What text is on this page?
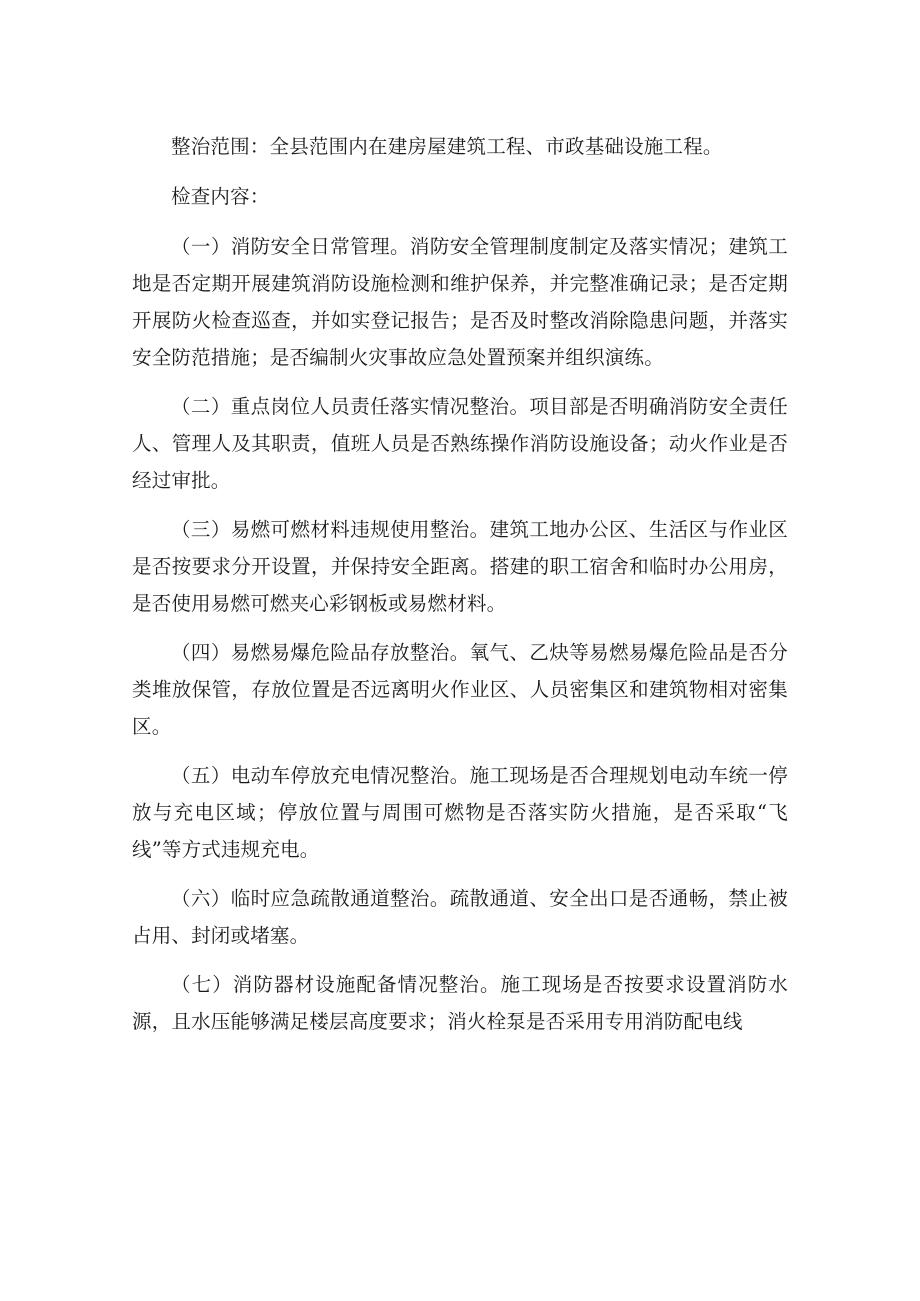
整治范围：全县范围内在建房屋建筑工程、市政基础设施工程。

检查内容：

（一）消防安全日常管理。消防安全管理制度制定及落实情况；建筑工地是否定期开展建筑消防设施检测和维护保养，并完整准确记录；是否定期开展防火检查巡查，并如实登记报告；是否及时整改消除隐患问题，并落实安全防范措施；是否编制火灾事故应急处置预案并组织演练。

（二）重点岗位人员责任落实情况整治。项目部是否明确消防安全责任人、管理人及其职责，值班人员是否熟练操作消防设施设备；动火作业是否经过审批。

（三）易燃可燃材料违规使用整治。建筑工地办公区、生活区与作业区是否按要求分开设置，并保持安全距离。搭建的职工宿舍和临时办公用房，是否使用易燃可燃夹心彩钢板或易燃材料。

（四）易燃易爆危险品存放整治。氧气、乙炔等易燃易爆危险品是否分类堆放保管，存放位置是否远离明火作业区、人员密集区和建筑物相对密集区。

（五）电动车停放充电情况整治。施工现场是否合理规划电动车统一停放与充电区域；停放位置与周围可燃物是否落实防火措施，是否采取“飞线”等方式违规充电。

（六）临时应急疏散通道整治。疏散通道、安全出口是否通畅，禁止被占用、封闭或堵塞。

（七）消防器材设施配备情况整治。施工现场是否按要求设置消防水源，且水压能够满足楼层高度要求；消火栓泵是否采用专用消防配电线
